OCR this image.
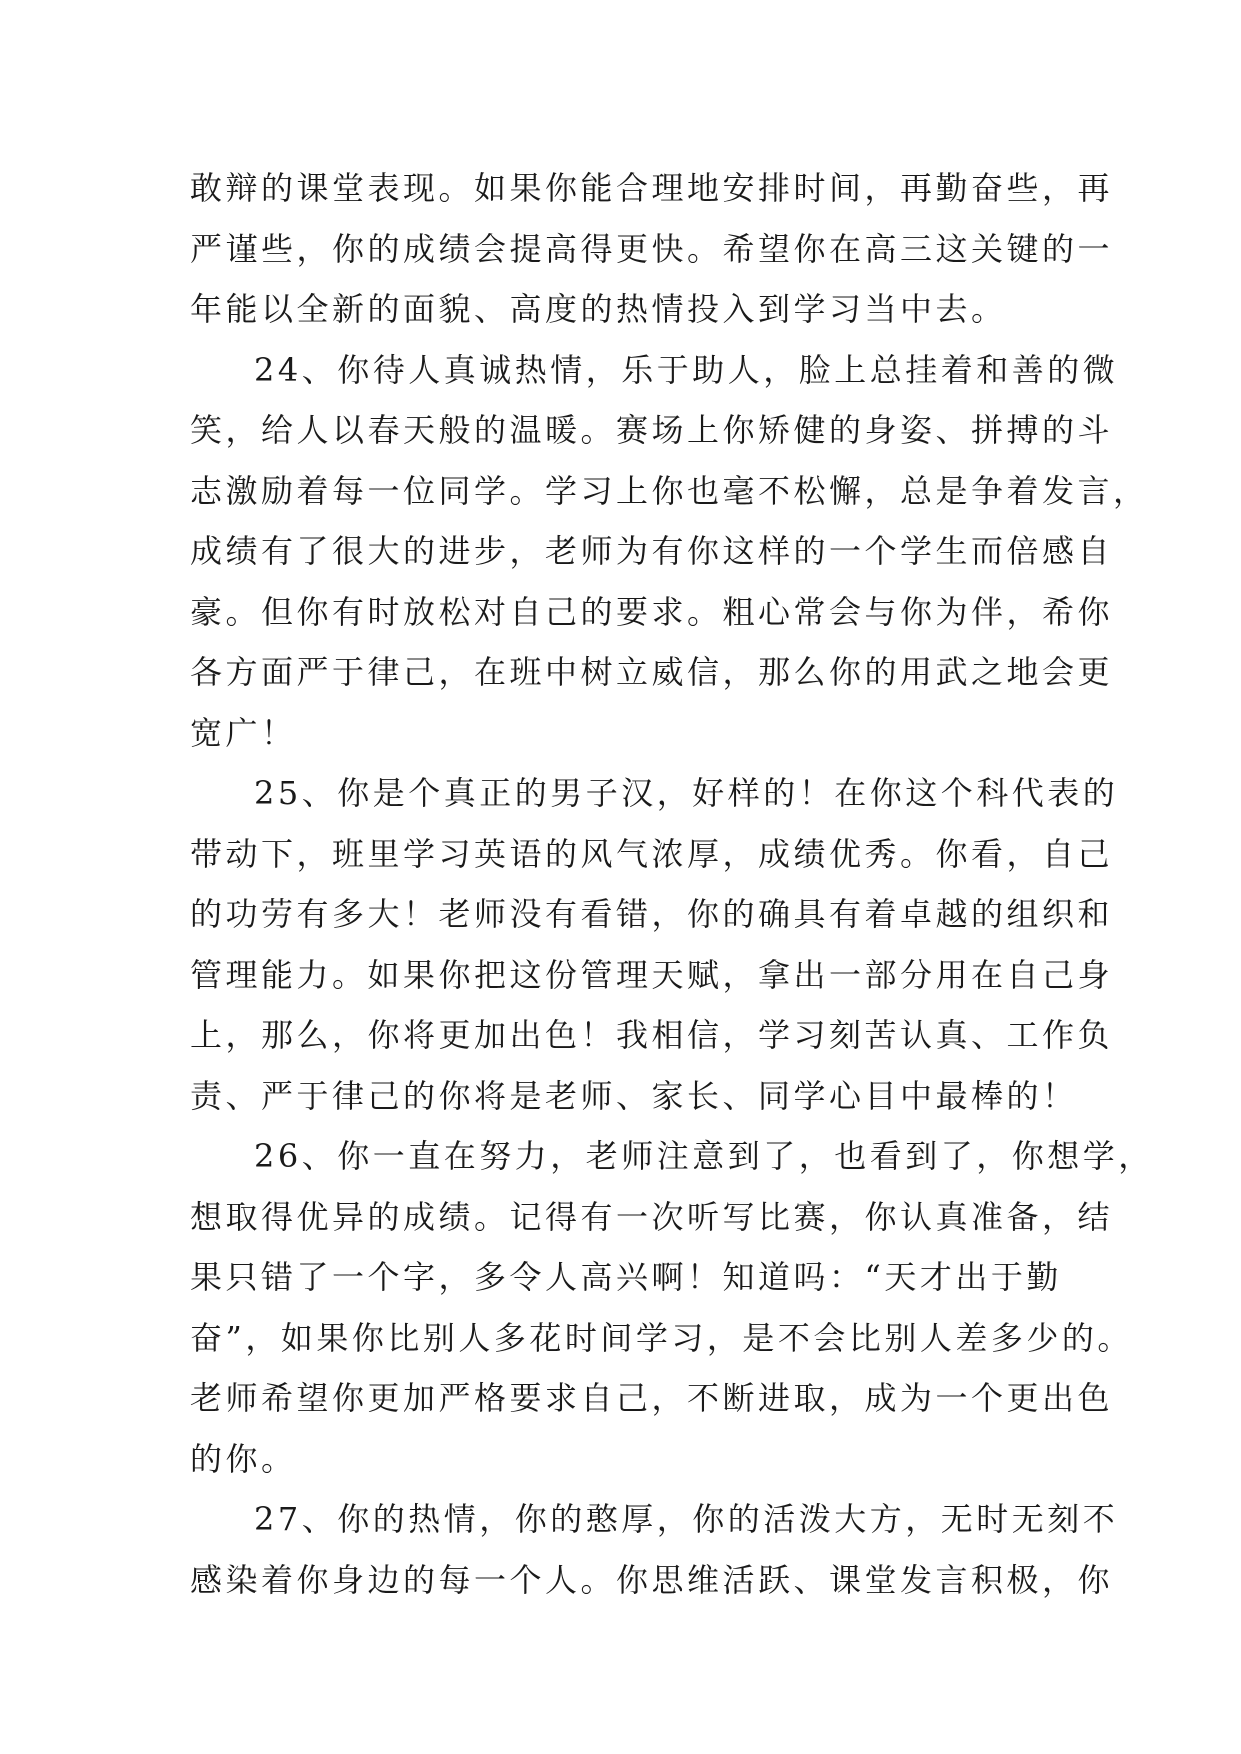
敢辩的课堂表现。如果你能合理地安排时间，再勤奋些，再
严谨些，你的成绩会提高得更快。希望你在高三这关键的一
年能以全新的面貌、高度的热情投入到学习当中去。
24、你待人真诚热情，乐于助人，脸上总挂着和善的微
笑，给人以春天般的温暖。赛场上你矫健的身姿、拼搏的斗
志激励着每一位同学。学习上你也毫不松懈，总是争着发言，
成绩有了很大的进步，老师为有你这样的一个学生而倍感自
豪。但你有时放松对自己的要求。粗心常会与你为伴，希你
各方面严于律己，在班中树立威信，那么你的用武之地会更
宽广！
25、你是个真正的男子汉，好样的！在你这个科代表的
带动下，班里学习英语的风气浓厚，成绩优秀。你看，自己
的功劳有多大！老师没有看错，你的确具有着卓越的组织和
管理能力。如果你把这份管理天赋，拿出一部分用在自己身
上，那么，你将更加出色！我相信，学习刻苦认真、工作负
责、严于律己的你将是老师、家长、同学心目中最棒的！
26、你一直在努力，老师注意到了，也看到了，你想学，
想取得优异的成绩。记得有一次听写比赛，你认真准备，结
果只错了一个字，多令人高兴啊！知道吗：“天才出于勤
奋”，如果你比别人多花时间学习，是不会比别人差多少的。
老师希望你更加严格要求自己，不断进取，成为一个更出色
的你。
27、你的热情，你的憨厚，你的活泼大方，无时无刻不
感染着你身边的每一个人。你思维活跃、课堂发言积极，你
